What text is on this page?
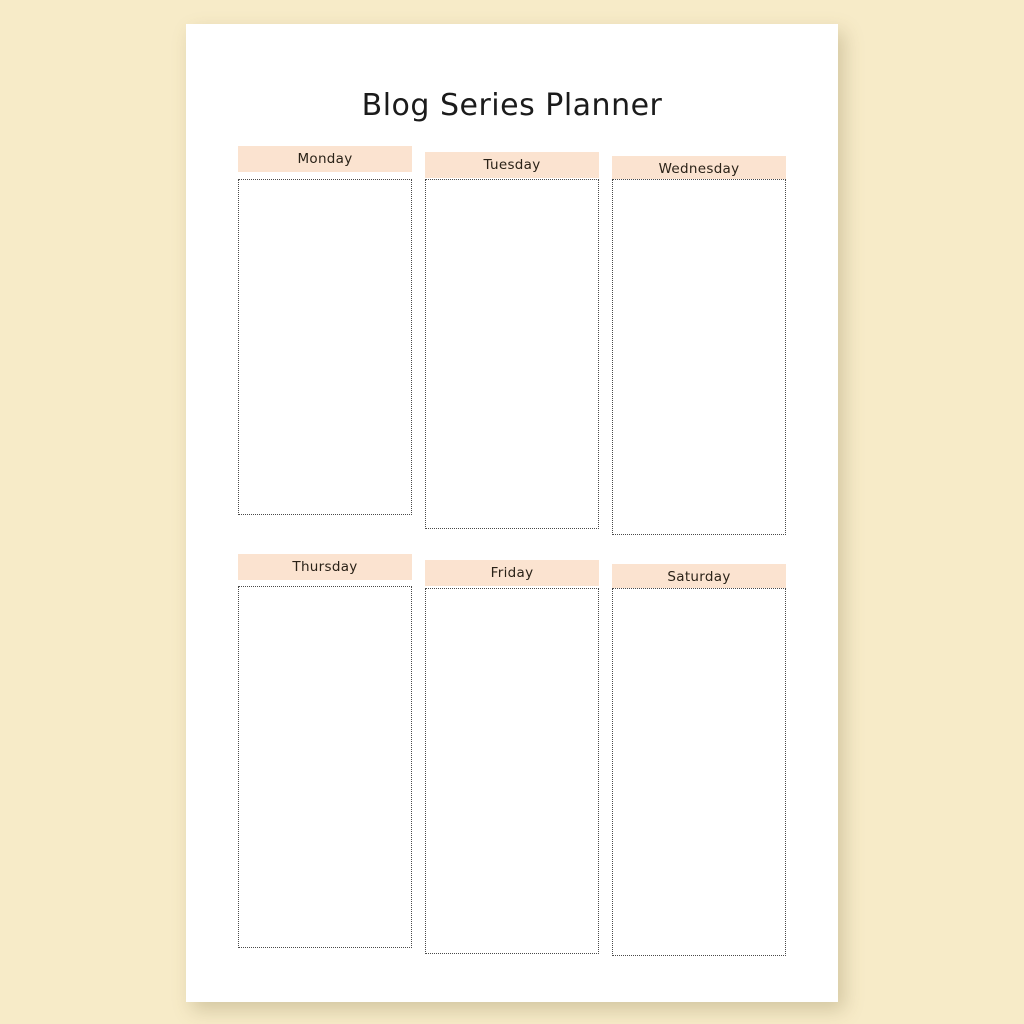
Blog Series Planner
Monday	Tuesday	Wednesday
Thursday	Friday	Saturday
